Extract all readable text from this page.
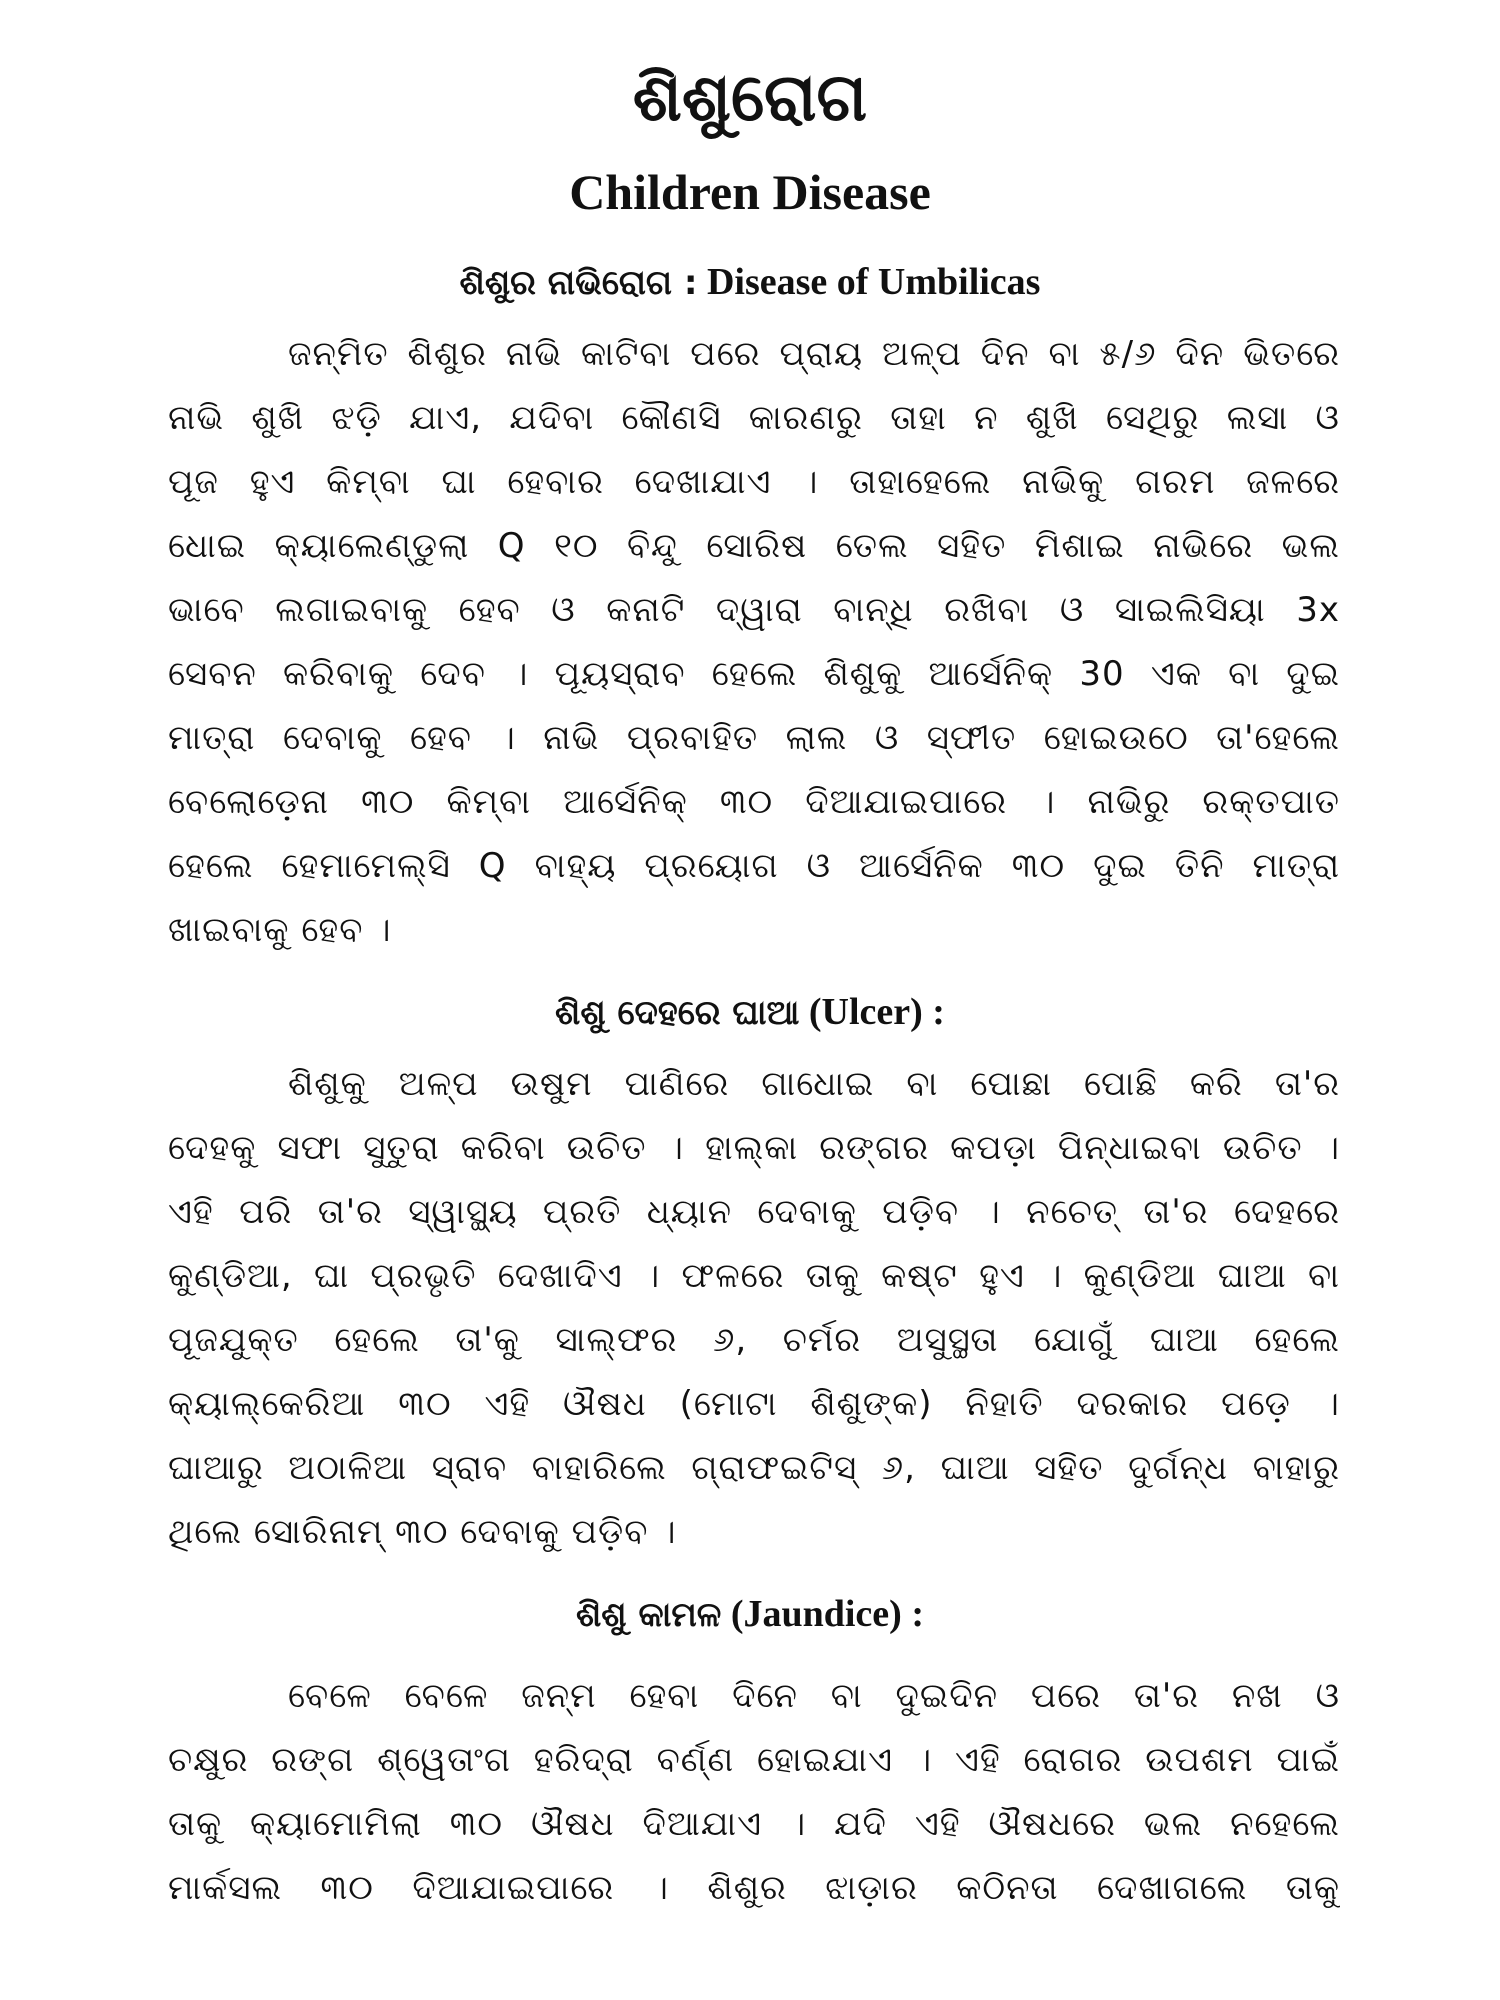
ଶିଶୁରୋଗ
Children Disease
ଶିଶୁର ନାଭିରୋଗ : Disease of Umbilicas
ଜନ୍ମିତ ଶିଶୁର ନାଭି କାଟିବା ପରେ ପ୍ରାୟ ଅଳ୍ପ ଦିନ ବା ୫/୬ ଦିନ ଭିତରେ
ନାଭି ଶୁଖି ଝଡ଼ି ଯାଏ, ଯଦିବା କୌଣସି କାରଣରୁ ତାହା ନ ଶୁଖି ସେଥିରୁ ଲସା ଓ
ପୂଜ ହୁଏ କିମ୍ବା ଘା ହେବାର ଦେଖାଯାଏ । ତାହାହେଲେ ନାଭିକୁ ଗରମ ଜଳରେ
ଧୋଇ କ୍ୟାଲେଣ୍ଡୁଲା Q ୧୦ ବିନ୍ଦୁ ସୋରିଷ ତେଲ ସହିତ ମିଶାଇ ନାଭିରେ ଭଲ
ଭାବେ ଲଗାଇବାକୁ ହେବ ଓ କନାଟି ଦ୍ୱାରା ବାନ୍ଧି ରଖିବା ଓ ସାଇଲିସିୟା 3x
ସେବନ କରିବାକୁ ଦେବ । ପୂୟସ୍ରାବ ହେଲେ ଶିଶୁକୁ ଆର୍ସେନିକ୍ 30 ଏକ ବା ଦୁଇ
ମାତ୍ରା ଦେବାକୁ ହେବ । ନାଭି ପ୍ରବାହିତ ଲାଲ ଓ ସ୍ଫୀତ ହୋଇଉଠେ ତା'ହେଲେ
ବେଲୋଡ଼େନା ୩୦ କିମ୍ବା ଆର୍ସେନିକ୍ ୩୦ ଦିଆଯାଇପାରେ । ନାଭିରୁ ରକ୍ତପାତ
ହେଲେ ହେମାମେଲ୍‌ସି Q ବାହ୍ୟ ପ୍ରୟୋଗ ଓ ଆର୍ସେନିକ ୩୦ ଦୁଇ ତିନି ମାତ୍ରା
ଖାଇବାକୁ ହେବ ।
ଶିଶୁ ଦେହରେ ଘାଆ (Ulcer) :
ଶିଶୁକୁ ଅଳ୍ପ ଉଷୁମ ପାଣିରେ ଗାଧୋଇ ବା ପୋଛା ପୋଛି କରି ତା'ର
ଦେହକୁ ସଫା ସୁତୁରା କରିବା ଉଚିତ । ହାଲ୍‌କା ରଙ୍ଗର କପଡ଼ା ପିନ୍ଧାଇବା ଉଚିତ ।
ଏହି ପରି ତା'ର ସ୍ୱାସ୍ଥ୍ୟ ପ୍ରତି ଧ୍ୟାନ ଦେବାକୁ ପଡ଼ିବ । ନଚେତ୍ ତା'ର ଦେହରେ
କୁଣ୍ଡିଆ, ଘା ପ୍ରଭୃତି ଦେଖାଦିଏ । ଫଳରେ ତାକୁ କଷ୍ଟ ହୁଏ । କୁଣ୍ଡିଆ ଘାଆ ବା
ପୂଜଯୁକ୍ତ ହେଲେ ତା'କୁ ସାଲ୍‌ଫର ୬, ଚର୍ମର ଅସୁସ୍ଥତା ଯୋଗୁଁ ଘାଆ ହେଲେ
କ୍ୟାଲ୍‌କେରିଆ ୩୦ ଏହି ଔଷଧ (ମୋଟା ଶିଶୁଙ୍କ) ନିହାତି ଦରକାର ପଡ଼େ ।
ଘାଆରୁ ଅଠାଳିଆ ସ୍ରାବ ବାହାରିଲେ ଗ୍ରାଫଇଟିସ୍ ୬, ଘାଆ ସହିତ ଦୁର୍ଗନ୍ଧ ବାହାରୁ
ଥିଲେ ସୋରିନାମ୍ ୩୦ ଦେବାକୁ ପଡ଼ିବ ।
ଶିଶୁ କାମଳ (Jaundice) :
ବେଳେ ବେଳେ ଜନ୍ମ ହେବା ଦିନେ ବା ଦୁଇଦିନ ପରେ ତା'ର ନଖ ଓ
ଚକ୍ଷୁର ରଙ୍ଗ ଶ୍ୱେତାଂଗ ହରିଦ୍ରା ବର୍ଣ୍ଣ ହୋଇଯାଏ । ଏହି ରୋଗର ଉପଶମ ପାଇଁ
ତାକୁ କ୍ୟାମୋମିଲା ୩୦ ଔଷଧ ଦିଆଯାଏ । ଯଦି ଏହି ଔଷଧରେ ଭଲ ନହେଲେ
ମାର୍କସଲ ୩୦ ଦିଆଯାଇପାରେ । ଶିଶୁର ଝାଡ଼ାର କଠିନତା ଦେଖାଗଲେ ତାକୁ
